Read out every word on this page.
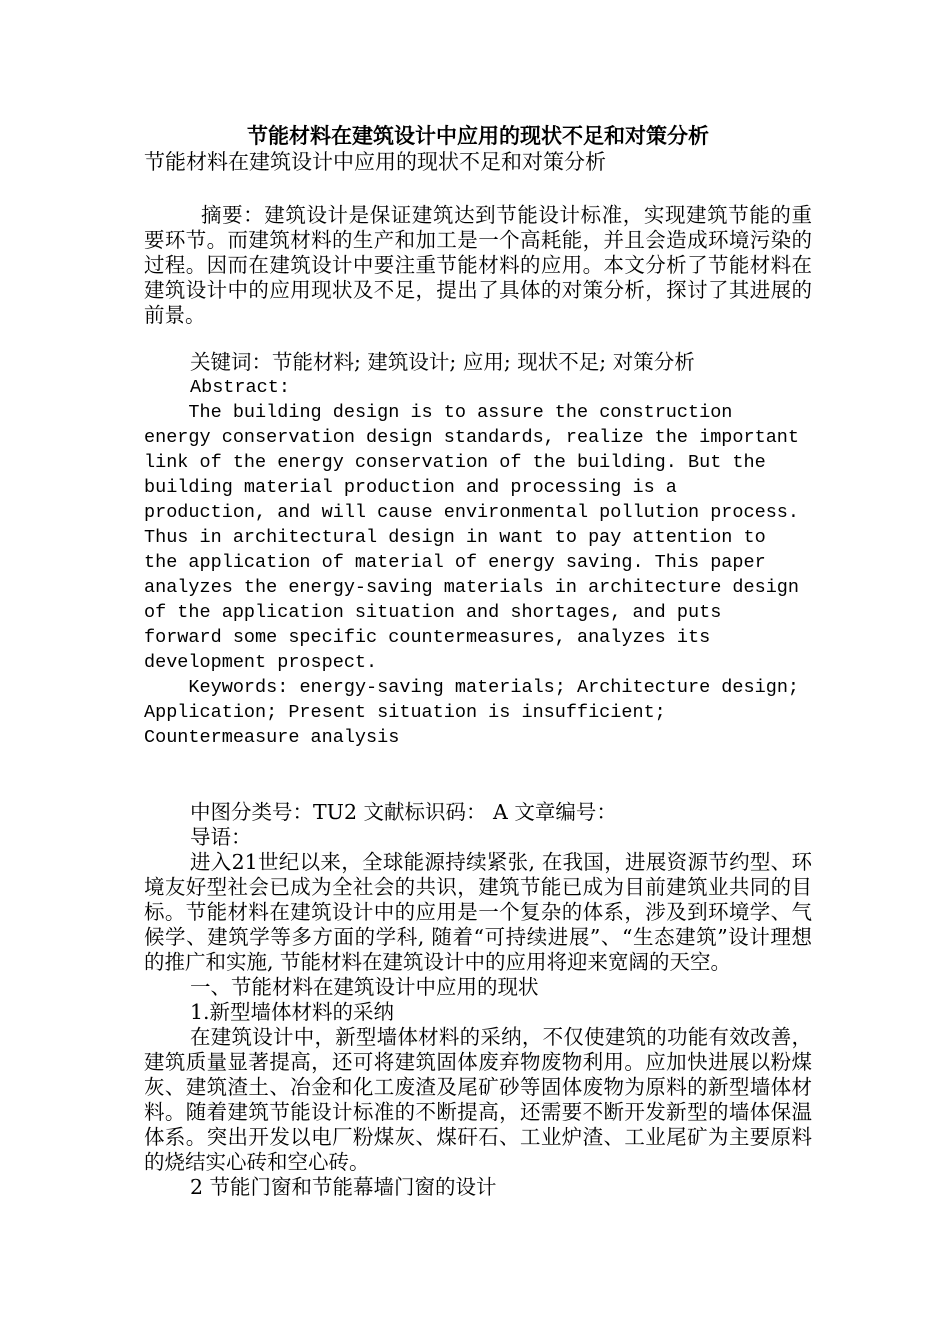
节能材料在建筑设计中应用的现状不足和对策分析

节能材料在建筑设计中应用的现状不足和对策分析

摘要：建筑设计是保证建筑达到节能设计标准，实现建筑节能的重要环节。而建筑材料的生产和加工是一个高耗能，并且会造成环境污染的过程。因而在建筑设计中要注重节能材料的应用。本文分析了节能材料在建筑设计中的应用现状及不足，提出了具体的对策分析，探讨了其进展的前景。

关键词：节能材料; 建筑设计; 应用; 现状不足; 对策分析

Abstract:

The building design is to assure the construction
energy conservation design standards, realize the important
link of the energy conservation of the building. But the
building material production and processing is a
production, and will cause environmental pollution process.
Thus in architectural design in want to pay attention to
the application of material of energy saving. This paper
analyzes the energy-saving materials in architecture design
of the application situation and shortages, and puts
forward some specific countermeasures, analyzes its
development prospect.

Keywords: energy-saving materials; Architecture design;
Application; Present situation is insufficient;
Countermeasure analysis

中图分类号：TU2 文献标识码： A 文章编号：

导语：

进入21世纪以来，全球能源持续紧张, 在我国，进展资源节约型、环境友好型社会已成为全社会的共识，建筑节能已成为目前建筑业共同的目标。节能材料在建筑设计中的应用是一个复杂的体系，涉及到环境学、气候学、建筑学等多方面的学科, 随着“可持续进展”、“生态建筑”设计理想的推广和实施, 节能材料在建筑设计中的应用将迎来宽阔的天空。

一、节能材料在建筑设计中应用的现状

1.新型墙体材料的采纳

在建筑设计中，新型墙体材料的采纳，不仅使建筑的功能有效改善，建筑质量显著提高，还可将建筑固体废弃物废物利用。应加快进展以粉煤灰、建筑渣土、冶金和化工废渣及尾矿砂等固体废物为原料的新型墙体材料。随着建筑节能设计标准的不断提高，还需要不断开发新型的墙体保温体系。突出开发以电厂粉煤灰、煤矸石、工业炉渣、工业尾矿为主要原料的烧结实心砖和空心砖。

2 节能门窗和节能幕墙门窗的设计
